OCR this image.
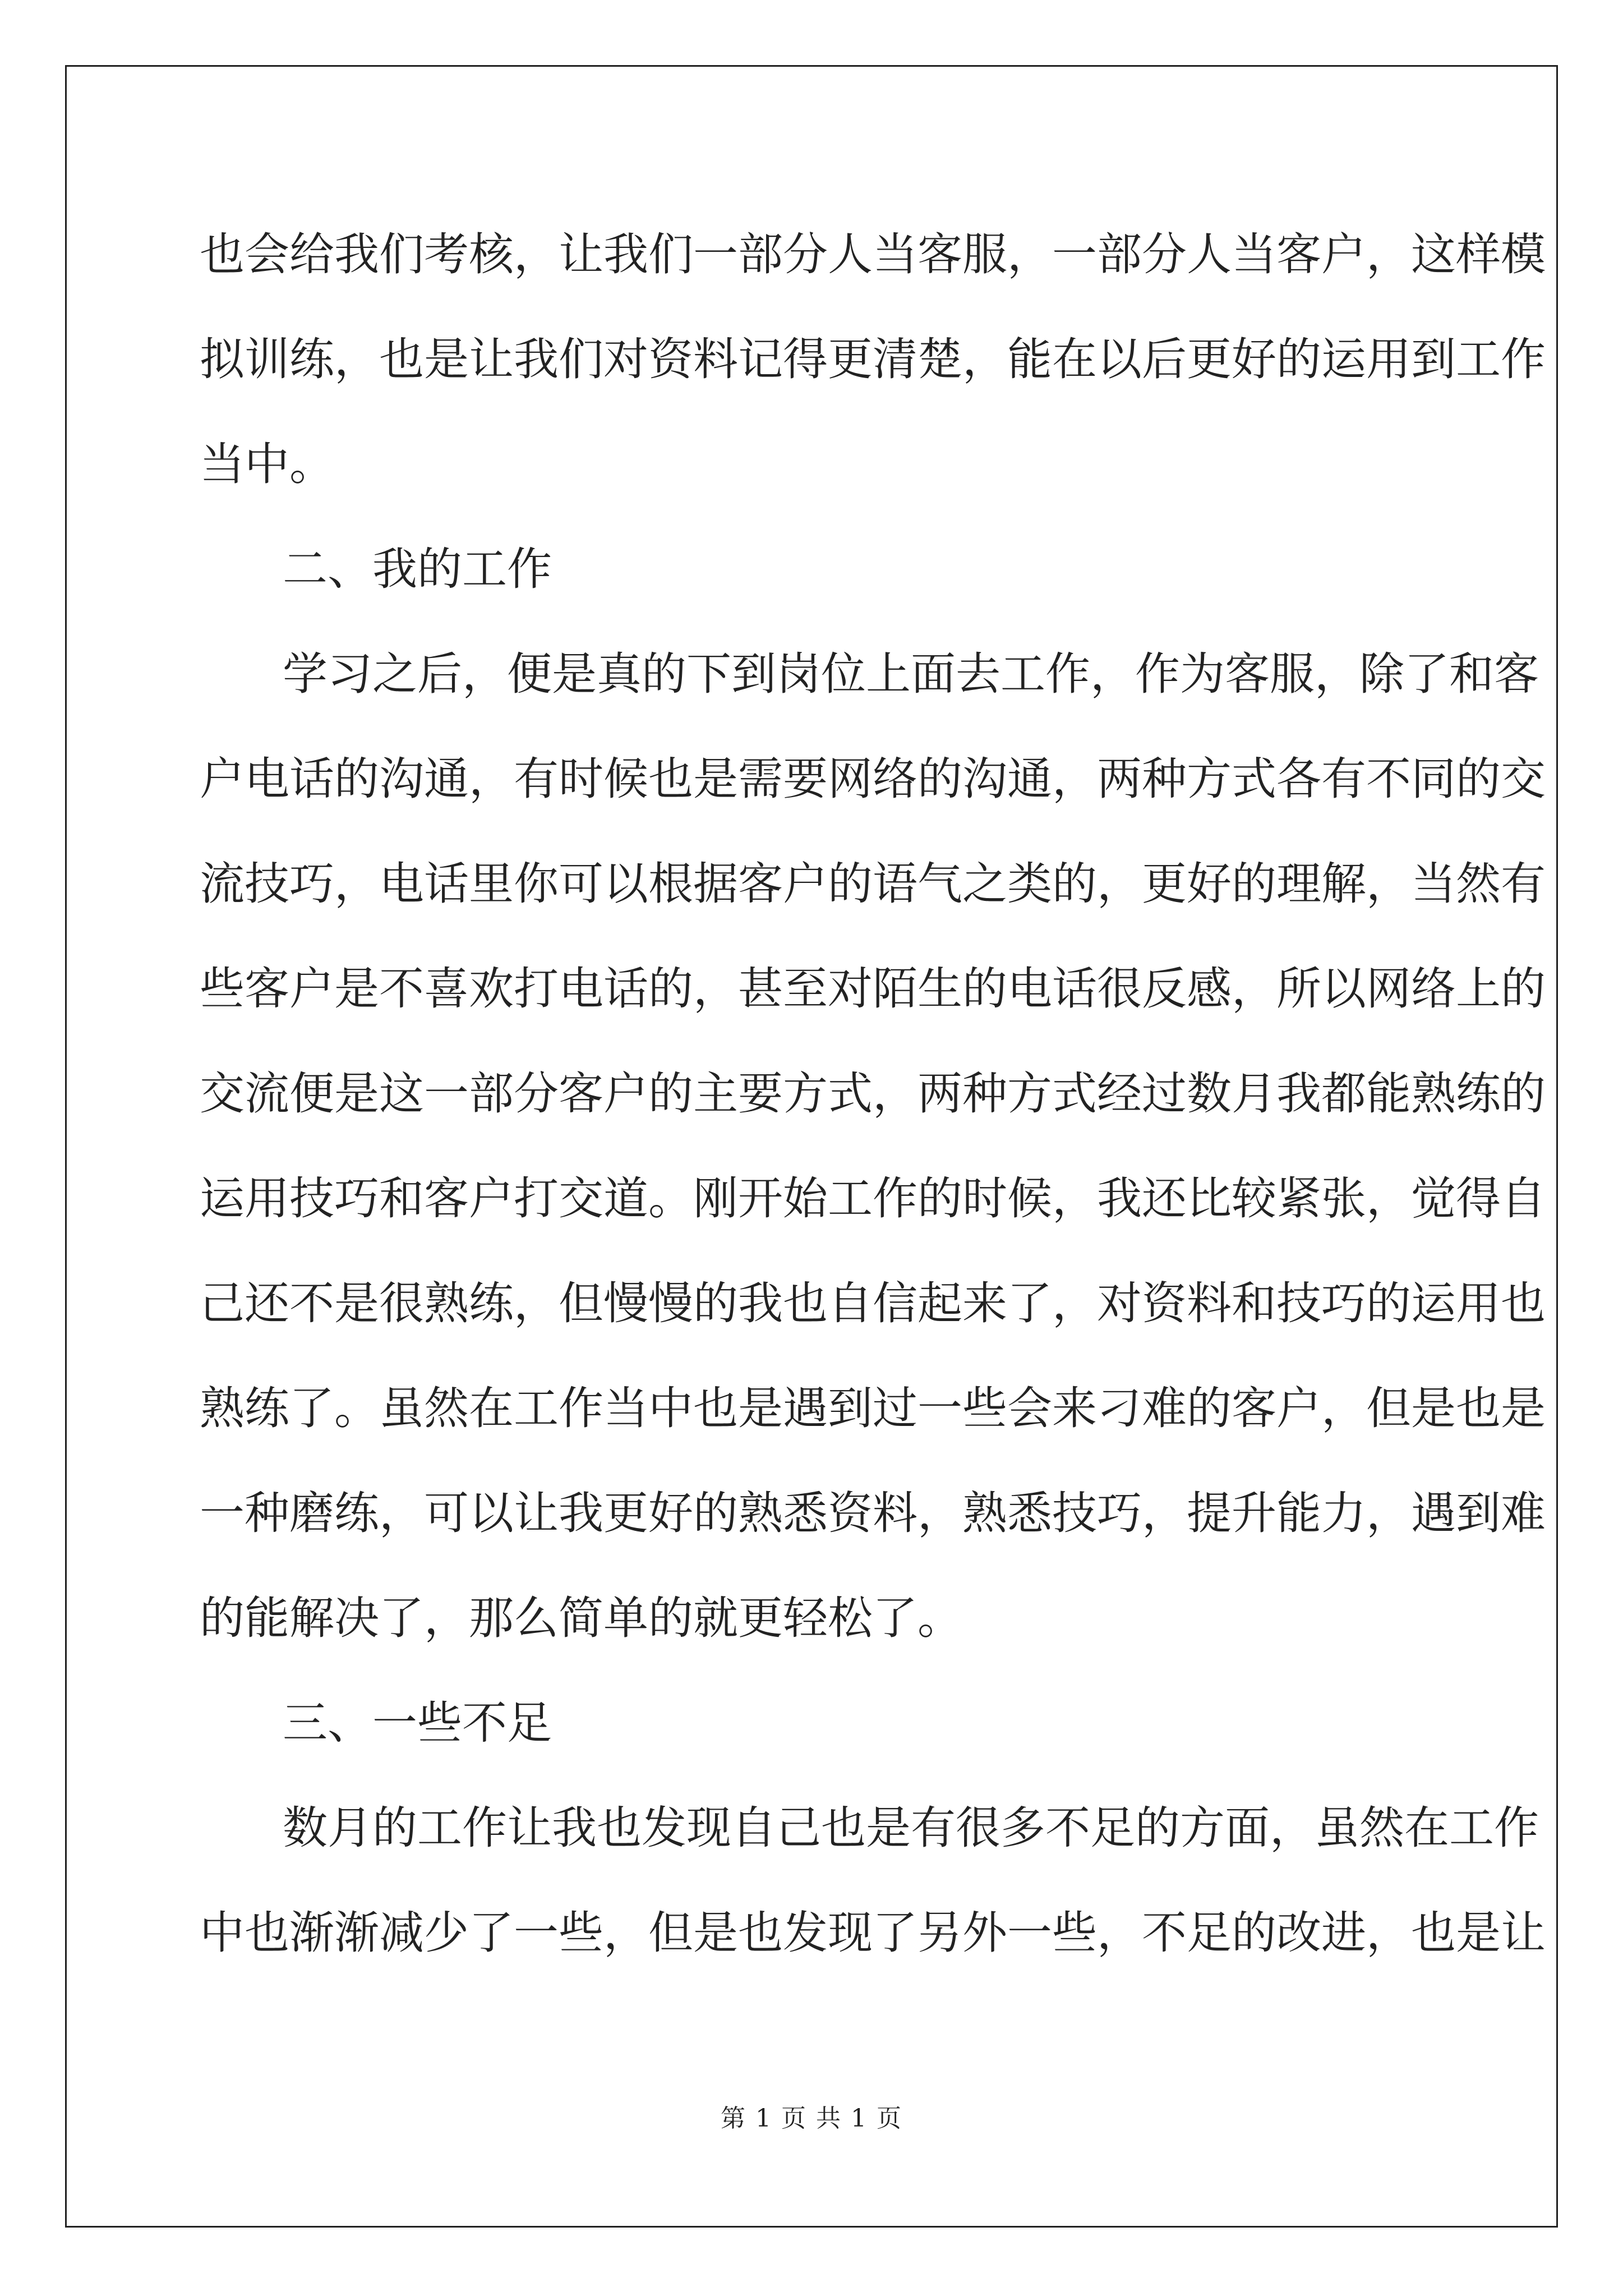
也 会 给 我 们 考 核 ， 让 我 们 一 部 分 人 当 客 服 ， 一 部 分 人 当 客 户 ， 这 样 模
拟 训 练 ， 也 是 让 我 们 对 资 料 记 得 更 清 楚 ， 能 在 以 后 更 好 的 运 用 到 工 作
当中。
二、我的工作
学 习 之 后 ， 便 是 真 的 下 到 岗 位 上 面 去 工 作 ， 作 为 客 服 ， 除 了 和 客
户 电 话 的 沟 通 ， 有 时 候 也 是 需 要 网 络 的 沟 通 ， 两 种 方 式 各 有 不 同 的 交
流 技 巧 ， 电 话 里 你 可 以 根 据 客 户 的 语 气 之 类 的 ， 更 好 的 理 解 ， 当 然 有
些 客 户 是 不 喜 欢 打 电 话 的 ， 甚 至 对 陌 生 的 电 话 很 反 感 ， 所 以 网 络 上 的
交 流 便 是 这 一 部 分 客 户 的 主 要 方 式 ， 两 种 方 式 经 过 数 月 我 都 能 熟 练 的
运 用 技 巧 和 客 户 打 交 道 。 刚 开 始 工 作 的 时 候 ， 我 还 比 较 紧 张 ， 觉 得 自
己 还 不 是 很 熟 练 ， 但 慢 慢 的 我 也 自 信 起 来 了 ， 对 资 料 和 技 巧 的 运 用 也
熟 练 了 。 虽 然 在 工 作 当 中 也 是 遇 到 过 一 些 会 来 刁 难 的 客 户 ， 但 是 也 是
一 种 磨 练 ， 可 以 让 我 更 好 的 熟 悉 资 料 ， 熟 悉 技 巧 ， 提 升 能 力 ， 遇 到 难
的能解决了，那么简单的就更轻松了。
三、一些不足
数 月 的 工 作 让 我 也 发 现 自 己 也 是 有 很 多 不 足 的 方 面 ， 虽 然 在 工 作
中 也 渐 渐 减 少 了 一 些 ， 但 是 也 发 现 了 另 外 一 些 ， 不 足 的 改 进 ， 也 是 让
第 1 页 共 1 页
